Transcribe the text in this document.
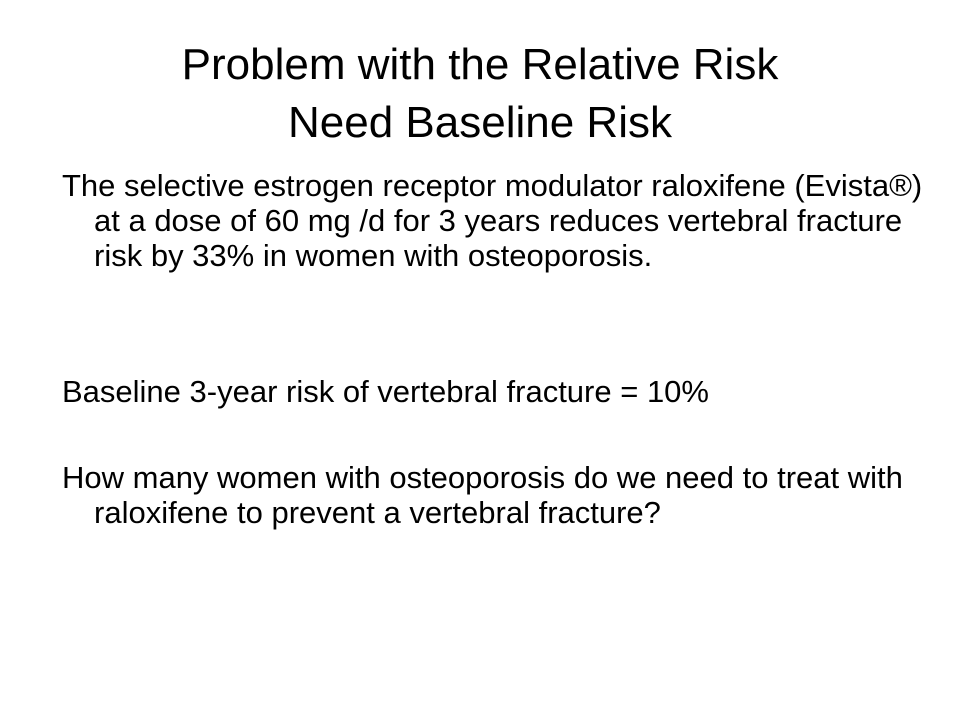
Problem with the Relative Risk
Need Baseline Risk

The selective estrogen receptor modulator raloxifene (Evista®) at a dose of 60 mg /d for 3 years reduces vertebral fracture risk by 33% in women with osteoporosis.

Baseline 3-year risk of vertebral fracture = 10%

How many women with osteoporosis do we need to treat with raloxifene to prevent a vertebral fracture?
